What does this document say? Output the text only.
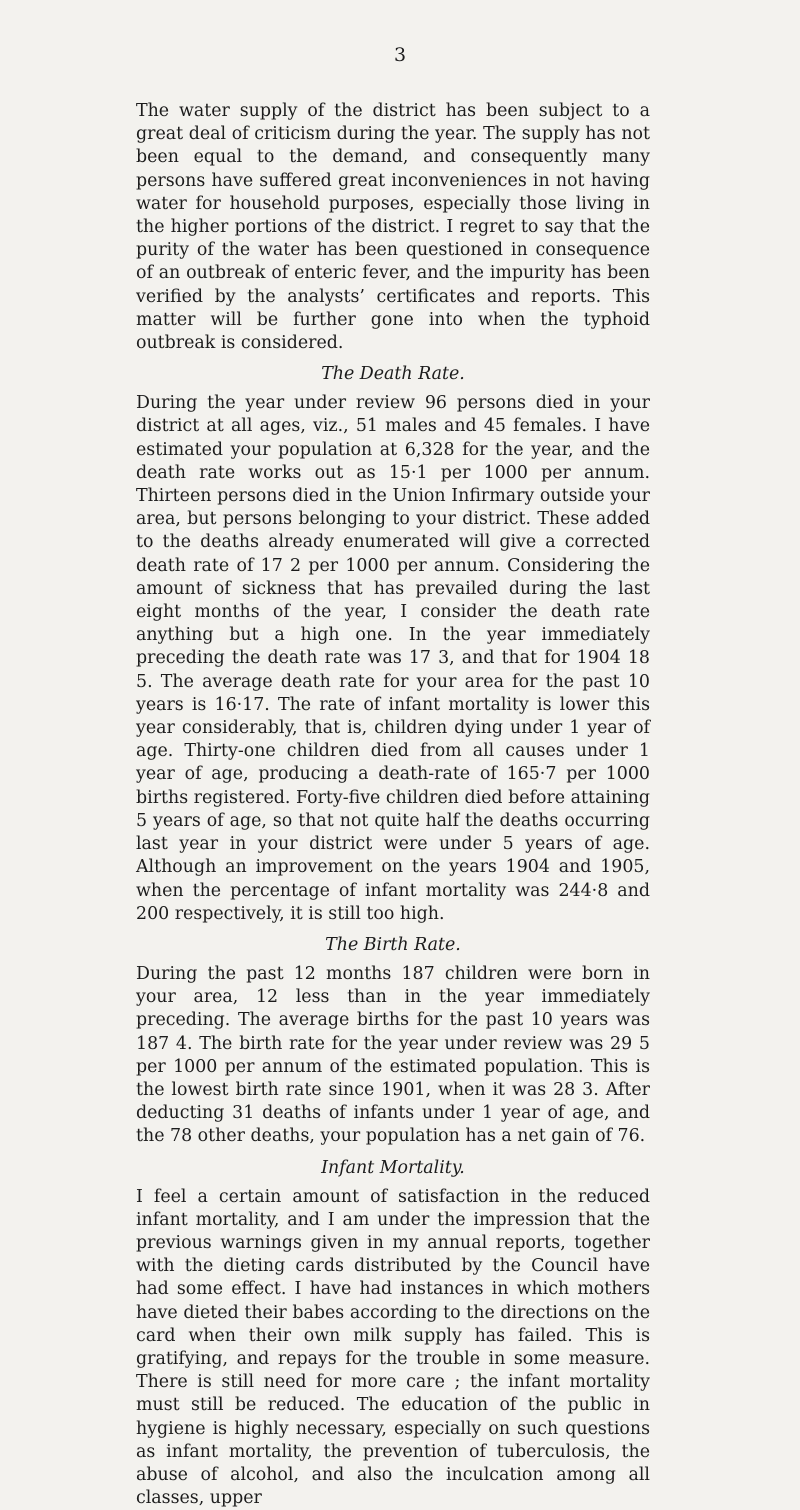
3

The water supply of the district has been subject to a great deal of criticism during the year. The supply has not been equal to the demand, and consequently many persons have suffered great inconveniences in not having water for household purposes, especially those living in the higher portions of the district. I regret to say that the purity of the water has been questioned in consequence of an outbreak of enteric fever, and the impurity has been verified by the analysts’ certificates and reports. This matter will be further gone into when the typhoid outbreak is considered.

The Death Rate.

During the year under review 96 persons died in your district at all ages, viz., 51 males and 45 females. I have estimated your population at 6,328 for the year, and the death rate works out as 15·1 per 1000 per annum. Thirteen persons died in the Union Infirmary outside your area, but persons belonging to your district. These added to the deaths already enumerated will give a corrected death rate of 17 2 per 1000 per annum. Considering the amount of sickness that has prevailed during the last eight months of the year, I consider the death rate anything but a high one. In the year immediately preceding the death rate was 17 3, and that for 1904 18 5. The average death rate for your area for the past 10 years is 16·17. The rate of infant mortality is lower this year considerably, that is, children dying under 1 year of age. Thirty-one children died from all causes under 1 year of age, producing a death-rate of 165·7 per 1000 births registered. Forty-five children died before attaining 5 years of age, so that not quite half the deaths occurring last year in your district were under 5 years of age. Although an improvement on the years 1904 and 1905, when the percentage of infant mortality was 244·8 and 200 respectively, it is still too high.

The Birth Rate.

During the past 12 months 187 children were born in your area, 12 less than in the year immediately preceding. The average births for the past 10 years was 187 4. The birth rate for the year under review was 29 5 per 1000 per annum of the estimated population. This is the lowest birth rate since 1901, when it was 28 3. After deducting 31 deaths of infants under 1 year of age, and the 78 other deaths, your population has a net gain of 76.

Infant Mortality.

I feel a certain amount of satisfaction in the reduced infant mortality, and I am under the impression that the previous warnings given in my annual reports, together with the dieting cards distributed by the Council have had some effect. I have had instances in which mothers have dieted their babes according to the directions on the card when their own milk supply has failed. This is gratifying, and repays for the trouble in some measure. There is still need for more care ; the infant mortality must still be reduced. The education of the public in hygiene is highly necessary, especially on such questions as infant mortality, the prevention of tuberculosis, the abuse of alcohol, and also the inculcation among all classes, upper
